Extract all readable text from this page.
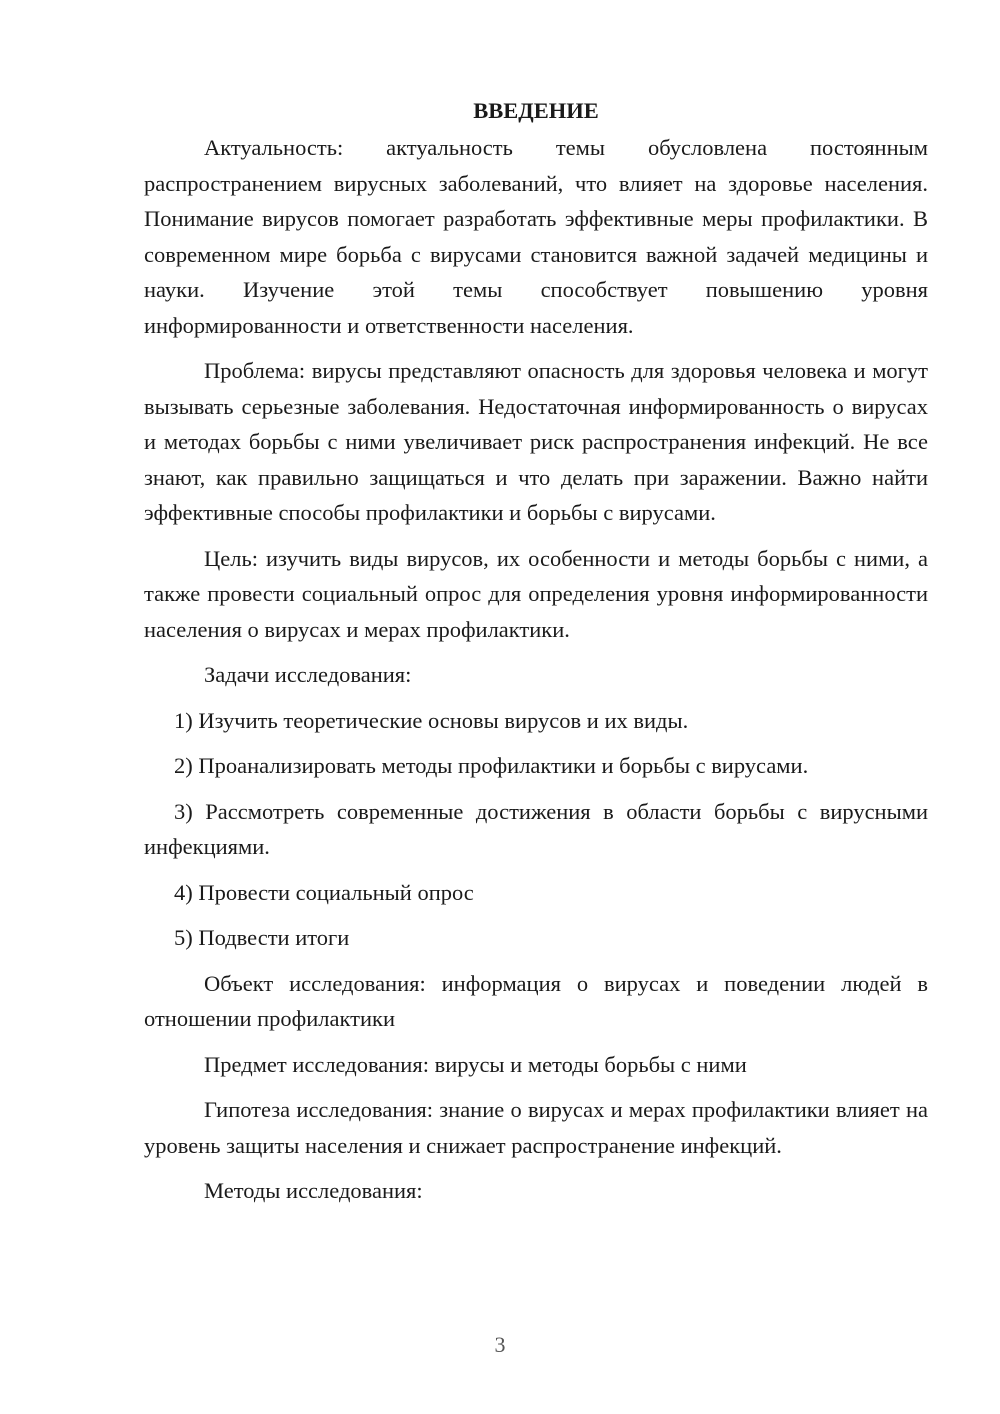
ВВЕДЕНИЕ

Актуальность: актуальность темы обусловлена постоянным распространением вирусных заболеваний, что влияет на здоровье населения. Понимание вирусов помогает разработать эффективные меры профилактики. В современном мире борьба с вирусами становится важной задачей медицины и науки. Изучение этой темы способствует повышению уровня информированности и ответственности населения.

Проблема: вирусы представляют опасность для здоровья человека и могут вызывать серьезные заболевания. Недостаточная информированность о вирусах и методах борьбы с ними увеличивает риск распространения инфекций. Не все знают, как правильно защищаться и что делать при заражении. Важно найти эффективные способы профилактики и борьбы с вирусами.

Цель: изучить виды вирусов, их особенности и методы борьбы с ними, а также провести социальный опрос для определения уровня информированности населения о вирусах и мерах профилактики.

Задачи исследования:

1) Изучить теоретические основы вирусов и их виды.

2) Проанализировать методы профилактики и борьбы с вирусами.

3) Рассмотреть современные достижения в области борьбы с вирусными инфекциями.

4) Провести социальный опрос

5) Подвести итоги

Объект исследования: информация о вирусах и поведении людей в отношении профилактики

Предмет исследования: вирусы и методы борьбы с ними

Гипотеза исследования: знание о вирусах и мерах профилактики влияет на уровень защиты населения и снижает распространение инфекций.

Методы исследования:

3
